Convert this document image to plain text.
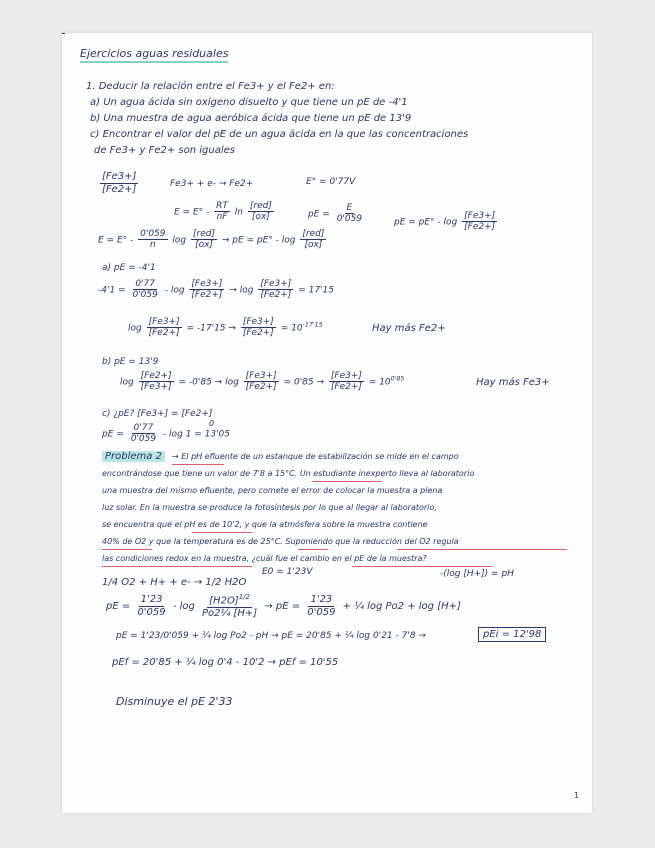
Ejercicios aguas residuales
1. Deducir la relación entre el Fe3+ y el Fe2+ en:
a) Un agua ácida sin oxígeno disuelto y que tiene un pE de -4'1
b) Una muestra de agua aeróbica ácida que tiene un pE de 13'9
c) Encontrar el valor del pE de un agua ácida en la que las concentraciones
de Fe3+ y Fe2+ son iguales
$\frac{[Fe3+]}{[Fe2+]}$	Fe3+ + e- → Fe2+	E° = 0'77V
$E = E^\circ - \frac{RT}{nF}$ $\ln \frac{\text{[red]}}{[ox]}$	pE = $\frac{E}{0'059}$	pE = $pE^\circ - \log \frac{[Fe3+]}{[Fe2+]}$
$E = E^\circ - \frac{0'059}{n}$ $\log \frac{\text{[red]}}{[ox]}$ → pE = $pE^\circ - \log \frac{\text{[red]}}{[ox]}$
a) pE = -4'1
$-4'1 = \frac{0'77}{0'059} - \log \frac{[Fe3+]}{[Fe2+]} \to \log \frac{[Fe3+]}{[Fe2+]} = 17'15$
$\log \frac{[Fe3+]}{[Fe2+]} = -17'15 \to \frac{[Fe3+]}{[Fe2+]} = 10^{-17'15}$	Hay más Fe2+
b) pE = 13'9
$\log \frac{[Fe2+]}{[Fe3+]} = -0'85 \to \log \frac{[Fe3+]}{[Fe2+]} = 0'85 \to \frac{[Fe3+]}{[Fe2+]} = 10^{0'85}$	Hay más Fe3+
c) ¿pE? [Fe3+] = [Fe2+]
pE = $\frac{0'77}{0'059} - \log 1 = 13'05$
0
Problema 2	→ El pH efluente de un estanque de estabilización se mide en el campo
encontrándose que tiene un valor de 7'8 a 15°C. Un estudiante inexperto lleva al laboratorio
una muestra del mismo efluente, pero comete el error de colocar la muestra a plena
luz solar. En la muestra se produce la fotosíntesis por lo que al llegar al laboratorio,
se encuentra que el pH es de 10'2, y que la atmósfera sobre la muestra contiene
40% de O2 y que la temperatura es de 25°C. Suponiendo que la reducción del O2 regula
las condiciones redox en la muestra, ¿cuál fue el cambio en el pE de la muestra?
1/4 O2 + H+ + e- → 1/2 H2O
E0 = 1'23V	-(log [H+]) = pH
pE = $\frac{1'23}{0'059}$ - $\log \frac{[H2O]^{1/2}}{\text{Po2¼ [H+]}}$ → pE = $\frac{1'23}{0'059}$ + ¼ log Po2 + log [H+]
pE = 1'23/0'059 + ¼ log Po2 - pH → pE = 20'85 + ¼ log 0'21 - 7'8 →	pEi = 12'98
pEf = 20'85 + ¼ log 0'4 - 10'2 → pEf = 10'55
Disminuye el pE 2'33
1
